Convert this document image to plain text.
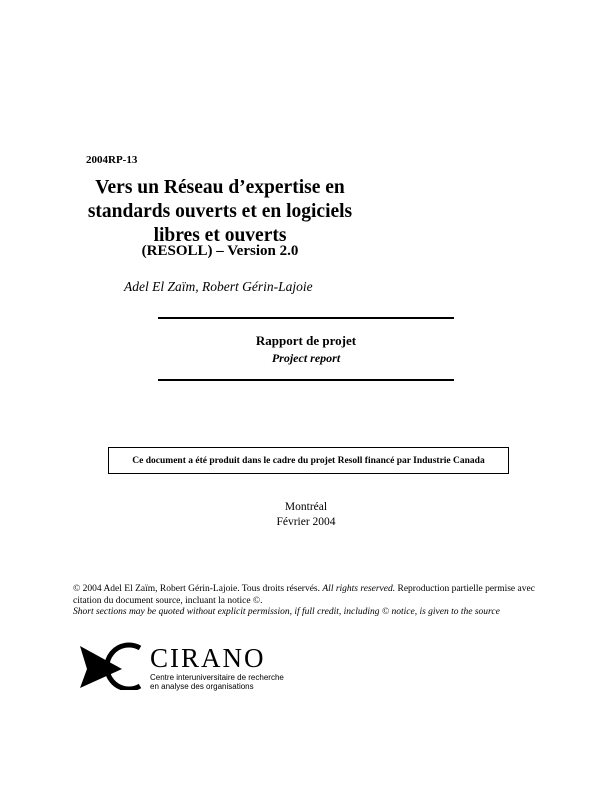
2004RP-13
Vers un Réseau d’expertise en
standards ouverts et en logiciels
libres et ouverts
(RESOLL) – Version 2.0
Adel El Zaïm, Robert Gérin-Lajoie
Rapport de projet
Project report
Ce document a été produit dans le cadre du projet Resoll financé par Industrie Canada
Montréal
Février 2004
© 2004 Adel El Zaïm, Robert Gérin-Lajoie. Tous droits réservés. All rights reserved. Reproduction partielle permise avec citation du document source, incluant la notice ©.
Short sections may be quoted without explicit permission, if full credit, including © notice, is given to the source
CIRANO
Centre interuniversitaire de recherche
en analyse des organisations
